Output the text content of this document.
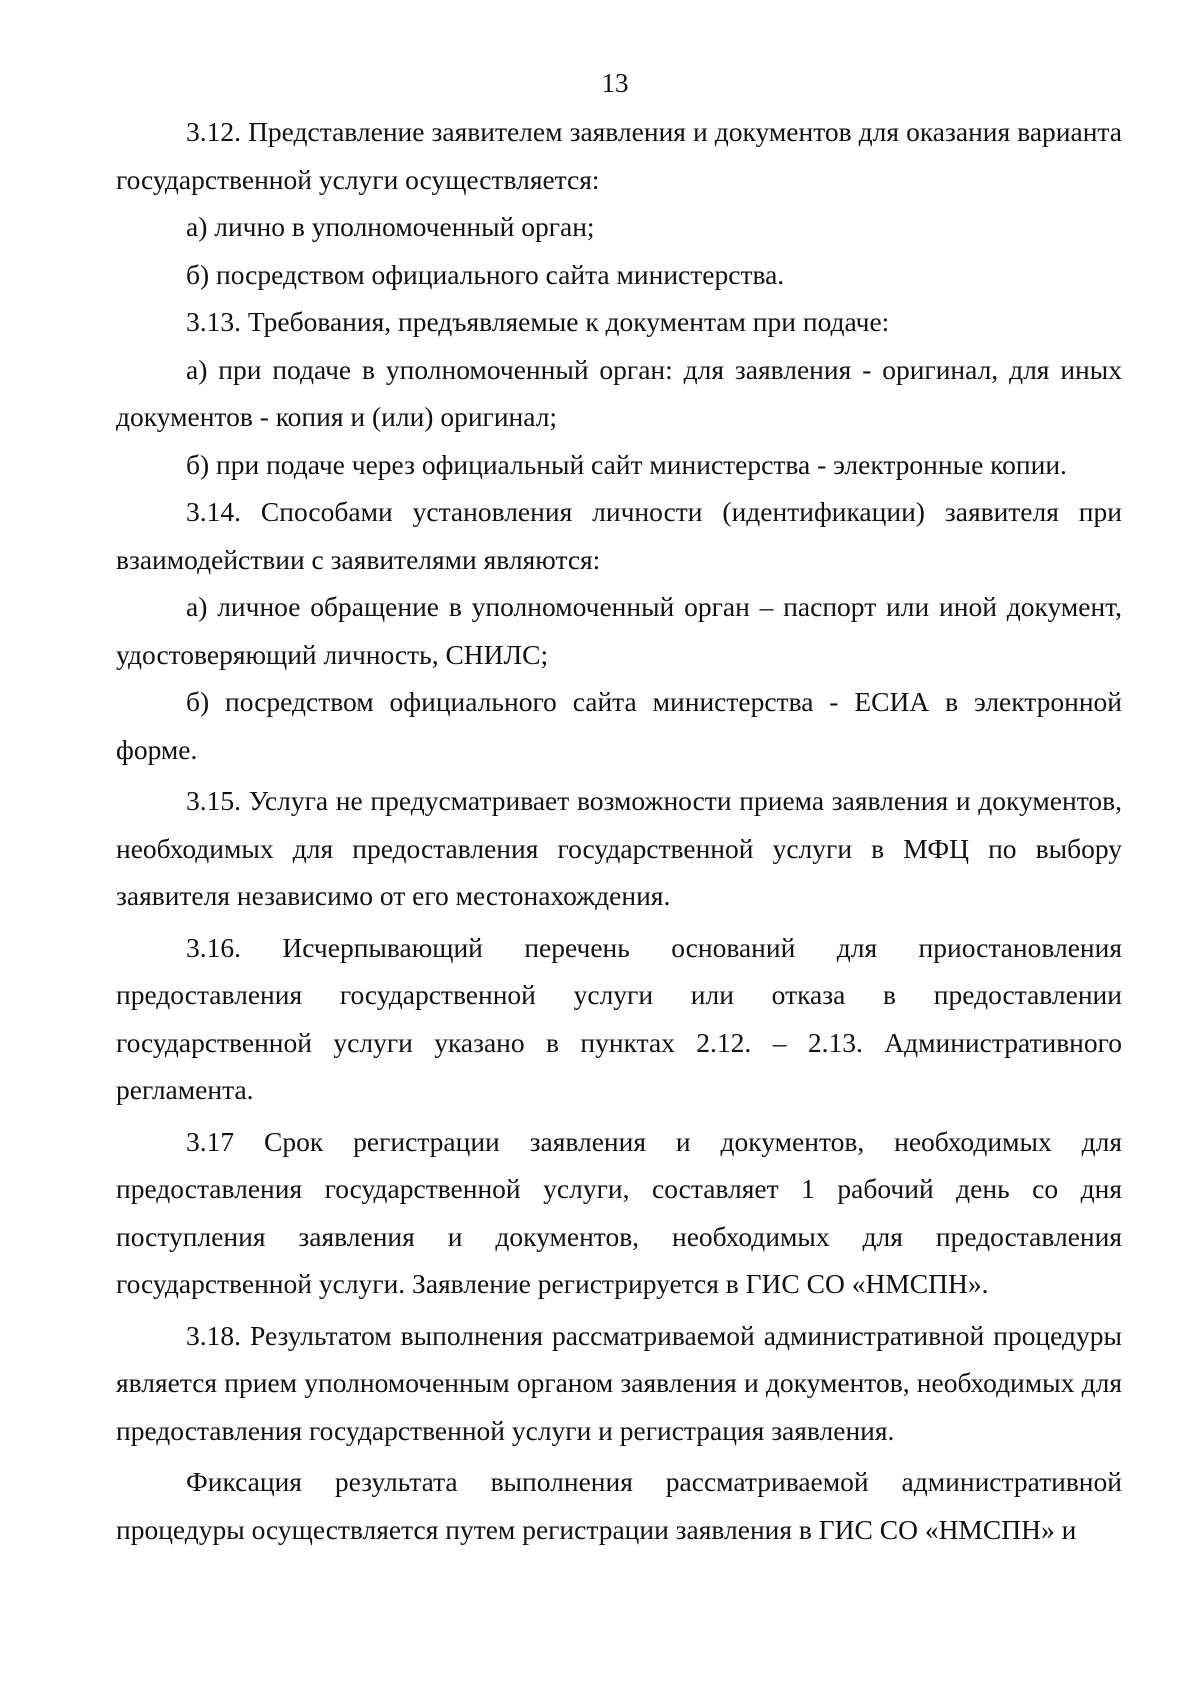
13

3.12. Представление заявителем заявления и документов для оказания варианта государственной услуги осуществляется:

а) лично в уполномоченный орган;

б) посредством официального сайта министерства.

3.13. Требования, предъявляемые к документам при подаче:

а) при подаче в уполномоченный орган: для заявления - оригинал, для иных документов - копия и (или) оригинал;

б) при подаче через официальный сайт министерства - электронные копии.

3.14. Способами установления личности (идентификации) заявителя при взаимодействии с заявителями являются:

а) личное обращение в уполномоченный орган – паспорт или иной документ, удостоверяющий личность, СНИЛС;

б) посредством официального сайта министерства - ЕСИА в электронной форме.

3.15. Услуга не предусматривает возможности приема заявления и документов, необходимых для предоставления государственной услуги в МФЦ по выбору заявителя независимо от его местонахождения.

3.16. Исчерпывающий перечень оснований для приостановления предоставления государственной услуги или отказа в предоставлении государственной услуги указано в пунктах 2.12. – 2.13. Административного регламента.

3.17 Срок регистрации заявления и документов, необходимых для предоставления государственной услуги, составляет 1 рабочий день со дня поступления заявления и документов, необходимых для предоставления государственной услуги. Заявление регистрируется в ГИС СО «НМСПН».

3.18. Результатом выполнения рассматриваемой административной процедуры является прием уполномоченным органом заявления и документов, необходимых для предоставления государственной услуги и регистрация заявления.

Фиксация результата выполнения рассматриваемой административной процедуры осуществляется путем регистрации заявления в ГИС СО «НМСПН» и
